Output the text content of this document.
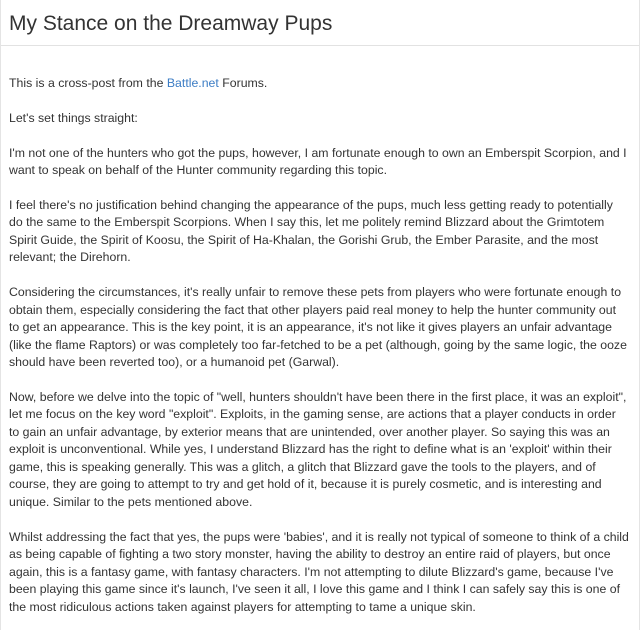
My Stance on the Dreamway Pups

This is a cross-post from the Battle.net Forums.

Let's set things straight:

I'm not one of the hunters who got the pups, however, I am fortunate enough to own an Emberspit Scorpion, and I want to speak on behalf of the Hunter community regarding this topic.

I feel there's no justification behind changing the appearance of the pups, much less getting ready to potentially do the same to the Emberspit Scorpions. When I say this, let me politely remind Blizzard about the Grimtotem Spirit Guide, the Spirit of Koosu, the Spirit of Ha-Khalan, the Gorishi Grub, the Ember Parasite, and the most relevant; the Direhorn.

Considering the circumstances, it's really unfair to remove these pets from players who were fortunate enough to obtain them, especially considering the fact that other players paid real money to help the hunter community out to get an appearance. This is the key point, it is an appearance, it's not like it gives players an unfair advantage (like the flame Raptors) or was completely too far-fetched to be a pet (although, going by the same logic, the ooze should have been reverted too), or a humanoid pet (Garwal).

Now, before we delve into the topic of "well, hunters shouldn't have been there in the first place, it was an exploit", let me focus on the key word "exploit". Exploits, in the gaming sense, are actions that a player conducts in order to gain an unfair advantage, by exterior means that are unintended, over another player. So saying this was an exploit is unconventional. While yes, I understand Blizzard has the right to define what is an 'exploit' within their game, this is speaking generally. This was a glitch, a glitch that Blizzard gave the tools to the players, and of course, they are going to attempt to try and get hold of it, because it is purely cosmetic, and is interesting and unique. Similar to the pets mentioned above.

Whilst addressing the fact that yes, the pups were 'babies', and it is really not typical of someone to think of a child as being capable of fighting a two story monster, having the ability to destroy an entire raid of players, but once again, this is a fantasy game, with fantasy characters. I'm not attempting to dilute Blizzard's game, because I've been playing this game since it's launch, I've seen it all, I love this game and I think I can safely say this is one of the most ridiculous actions taken against players for attempting to tame a unique skin.
